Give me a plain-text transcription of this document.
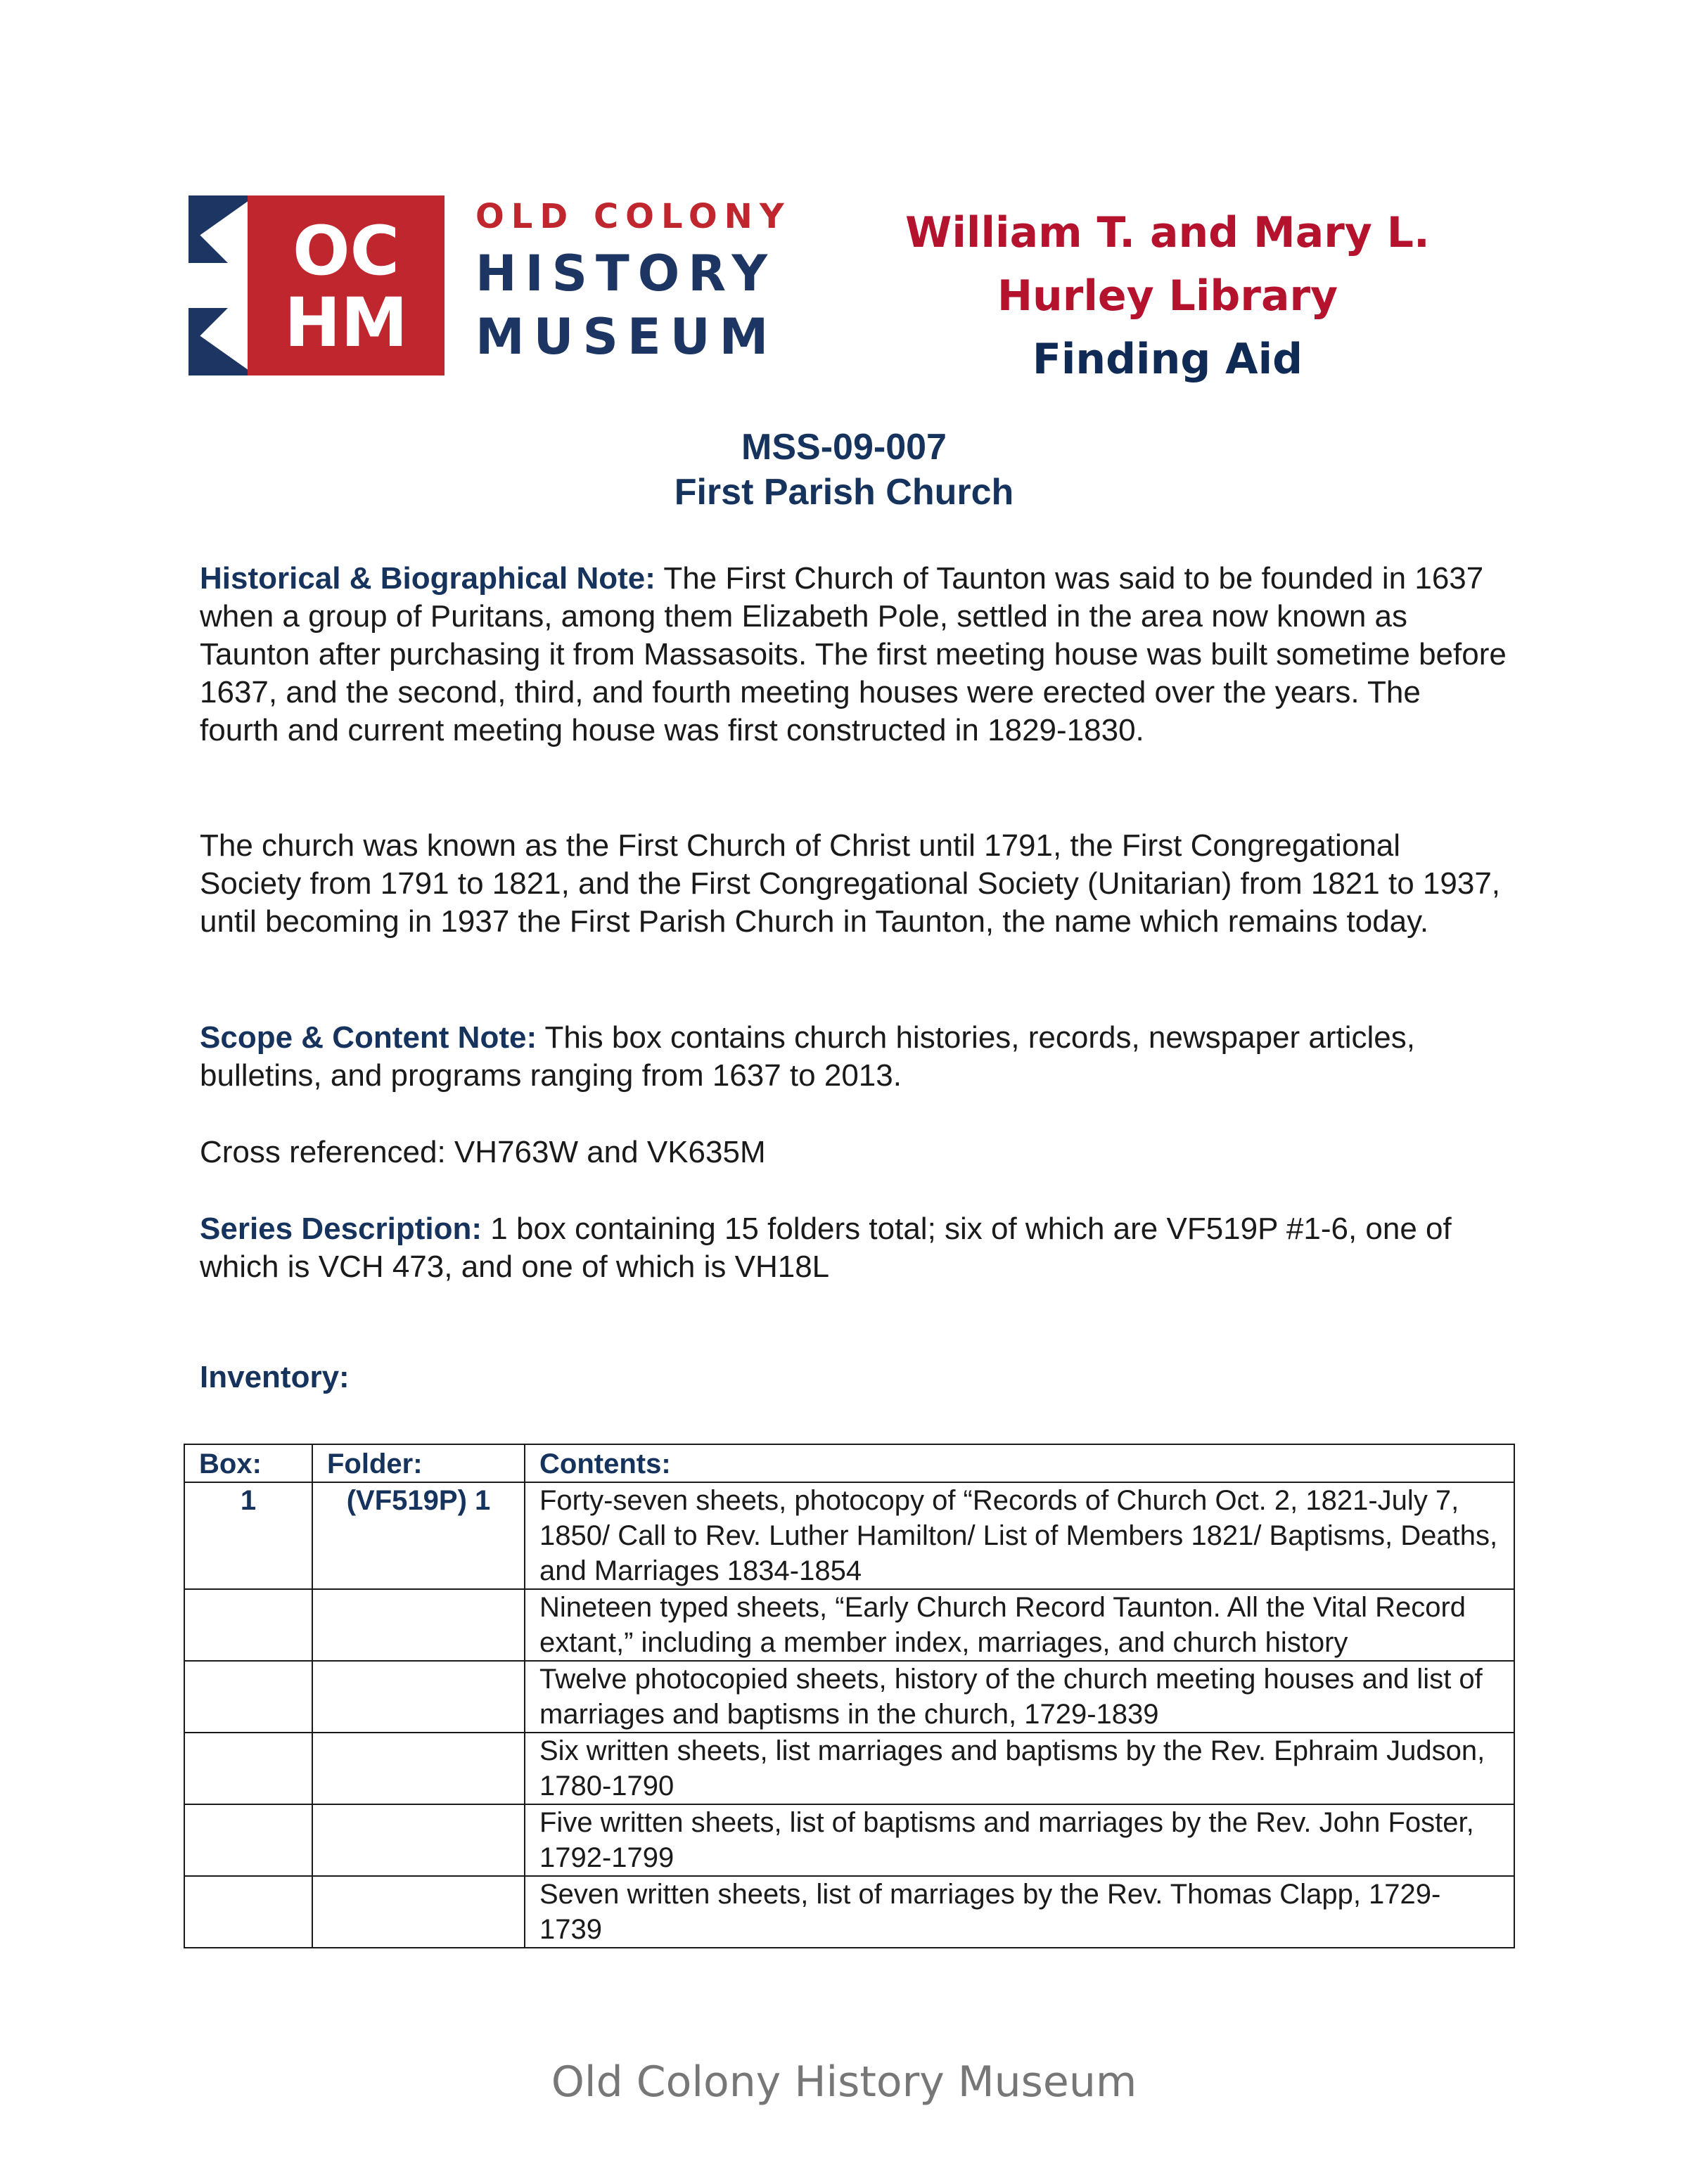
OC
HM
OLD COLONY
HISTORY
MUSEUM
William T. and Mary L.
Hurley Library
Finding Aid
MSS-09-007
First Parish Church
Historical & Biographical Note: The First Church of Taunton was said to be founded in 1637 when a group of Puritans, among them Elizabeth Pole, settled in the area now known as Taunton after purchasing it from Massasoits. The first meeting house was built sometime before 1637, and the second, third, and fourth meeting houses were erected over the years. The fourth and current meeting house was first constructed in 1829-1830.
The church was known as the First Church of Christ until 1791, the First Congregational Society from 1791 to 1821, and the First Congregational Society (Unitarian) from 1821 to 1937, until becoming in 1937 the First Parish Church in Taunton, the name which remains today.
Scope & Content Note: This box contains church histories, records, newspaper articles, bulletins, and programs ranging from 1637 to 2013.
Cross referenced: VH763W and VK635M
Series Description: 1 box containing 15 folders total; six of which are VF519P #1-6, one of which is VCH 473, and one of which is VH18L
Inventory:
Box:	Folder:	Contents:
1	(VF519P) 1	Forty-seven sheets, photocopy of “Records of Church Oct. 2, 1821-July 7, 1850/ Call to Rev. Luther Hamilton/ List of Members 1821/ Baptisms, Deaths, and Marriages 1834-1854
		Nineteen typed sheets, “Early Church Record Taunton. All the Vital Record extant,” including a member index, marriages, and church history
		Twelve photocopied sheets, history of the church meeting houses and list of marriages and baptisms in the church, 1729-1839
		Six written sheets, list marriages and baptisms by the Rev. Ephraim Judson, 1780-1790
		Five written sheets, list of baptisms and marriages by the Rev. John Foster, 1792-1799
		Seven written sheets, list of marriages by the Rev. Thomas Clapp, 1729-1739
Old Colony History Museum
